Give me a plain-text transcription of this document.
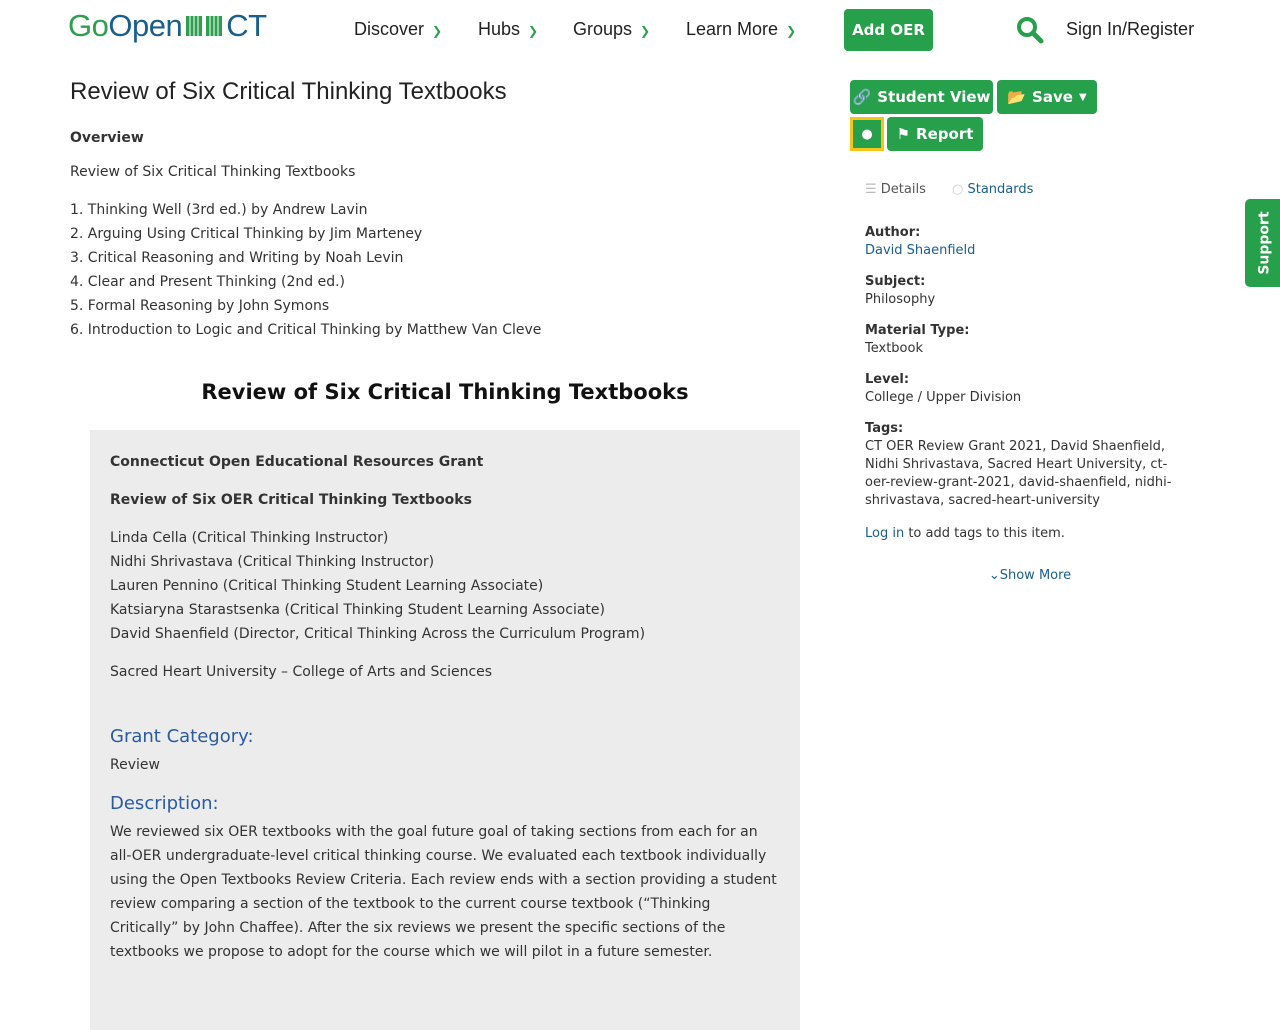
GoOpen CT	Discover ❯ Hubs ❯ Groups ❯ Learn More ❯	Add OER	Sign In/Register
Review of Six Critical Thinking Textbooks
Overview
Review of Six Critical Thinking Textbooks
1. Thinking Well (3rd ed.) by Andrew Lavin
2. Arguing Using Critical Thinking by Jim Marteney
3. Critical Reasoning and Writing by Noah Levin
4. Clear and Present Thinking (2nd ed.)
5. Formal Reasoning by John Symons
6. Introduction to Logic and Critical Thinking by Matthew Van Cleve
Review of Six Critical Thinking Textbooks
Connecticut Open Educational Resources Grant
Review of Six OER Critical Thinking Textbooks
Linda Cella (Critical Thinking Instructor)
Nidhi Shrivastava (Critical Thinking Instructor)
Lauren Pennino (Critical Thinking Student Learning Associate)
Katsiaryna Starastsenka (Critical Thinking Student Learning Associate)
David Shaenfield (Director, Critical Thinking Across the Curriculum Program)
Sacred Heart University – College of Arts and Sciences
Grant Category:
Review
Description:
We reviewed six OER textbooks with the goal future goal of taking sections from each for an all-OER undergraduate-level critical thinking course. We evaluated each textbook individually using the Open Textbooks Review Criteria. Each review ends with a section providing a student review comparing a section of the textbook to the current course textbook (“Thinking Critically” by John Chaffee). After the six reviews we present the specific sections of the textbooks we propose to adopt for the course which we will pilot in a future semester.
🔗 Student View 📂 Save ▼
● ⚑ Report
☰ Details ○ Standards
Author:
David Shaenfield
Subject:
Philosophy
Material Type:
Textbook
Level:
College / Upper Division
Tags:
CT OER Review Grant 2021, David Shaenfield, Nidhi Shrivastava, Sacred Heart University, ct-oer-review-grant-2021, david-shaenfield, nidhi-shrivastava, sacred-heart-university
Log in to add tags to this item.
⌄Show More
Support
